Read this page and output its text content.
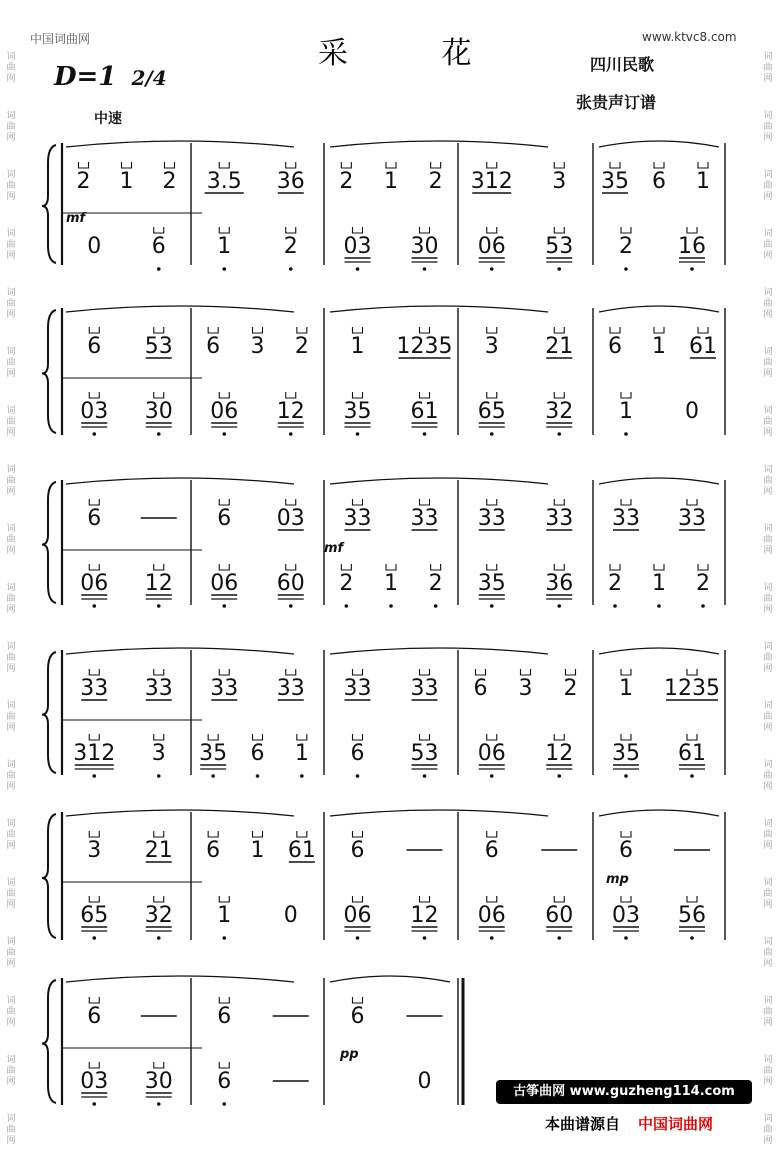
词
曲
网
词
曲
网
词
曲
网
词
曲
网
词
曲
网
词
曲
网
词
曲
网
词
曲
网
词
曲
网
词
曲
网
词
曲
网
词
曲
网
词
曲
网
词
曲
网
词
曲
网
词
曲
网
词
曲
网
词
曲
网
词
曲
网
词
曲
网
词
曲
网
词
曲
网
词
曲
网
词
曲
网
词
曲
网
词
曲
网
词
曲
网
词
曲
网
词
曲
网
词
曲
网
词
曲
网
词
曲
网
词
曲
网
词
曲
网
词
曲
网
词
曲
网
词
曲
网
词
曲
网
中国词曲网	www.ktvc8.com
采 花	四川民歌
张贵声订谱
D=1 2/4
中速
2 1 2 3.5 36 2 1 2 312 3 35 6 1
0 6 1 2 03 30 06 53 2 16
6 53 6 3 2 1 1235 3 21 6 1 61
03 30 06 12 35 61 65 32 1 0
6	6 03 33 33 33 33 33 33
06 12 06 60 2 1 2 35 36 2 1 2
33 33 33 33 33 33 6 3 2 1 1235
312 3 35 6 1 6 53 06 12 35 61
3 21 6 1 61 6	6	6
65 32 1 0 06 12 06 60 03 56
6	6	6
03 30 6	0
mf
mf
mp
pp
古筝曲网 www.guzheng114.com
本曲谱源自 中国词曲网
